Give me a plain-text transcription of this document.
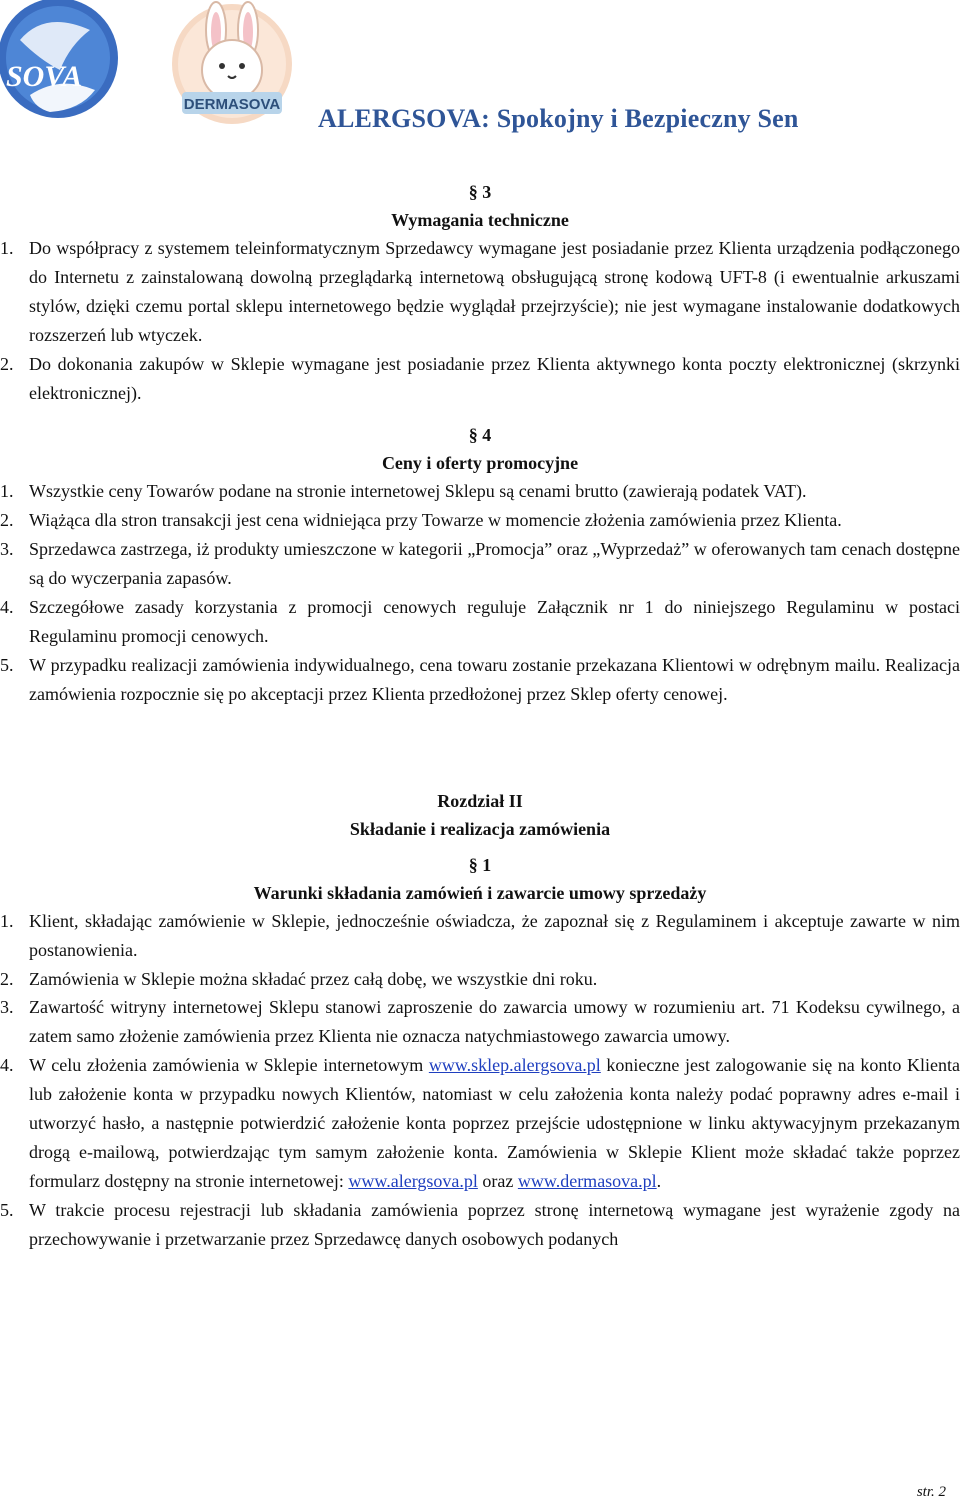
SOVA
DERMASOVA ALERGSOVA: Spokojny i Bezpieczny Sen
§ 3
Wymagania techniczne

1. Do współpracy z systemem teleinformatycznym Sprzedawcy wymagane jest posiadanie przez Klienta urządzenia podłączonego do Internetu z zainstalowaną dowolną przeglądarką internetową obsługującą stronę kodową UFT-8 (i ewentualnie arkuszami stylów, dzięki czemu portal sklepu internetowego będzie wyglądał przejrzyście); nie jest wymagane instalowanie dodatkowych rozszerzeń lub wtyczek.

2. Do dokonania zakupów w Sklepie wymagane jest posiadanie przez Klienta aktywnego konta poczty elektronicznej (skrzynki elektronicznej).

§ 4
Ceny i oferty promocyjne

1. Wszystkie ceny Towarów podane na stronie internetowej Sklepu są cenami brutto (zawierają podatek VAT).

2. Wiążąca dla stron transakcji jest cena widniejąca przy Towarze w momencie złożenia zamówienia przez Klienta.

3. Sprzedawca zastrzega, iż produkty umieszczone w kategorii „Promocja” oraz „Wyprzedaż” w oferowanych tam cenach dostępne są do wyczerpania zapasów.

4. Szczegółowe zasady korzystania z promocji cenowych reguluje Załącznik nr 1 do niniejszego Regulaminu w postaci Regulaminu promocji cenowych.

5. W przypadku realizacji zamówienia indywidualnego, cena towaru zostanie przekazana Klientowi w odrębnym mailu. Realizacja zamówienia rozpocznie się po akceptacji przez Klienta przedłożonej przez Sklep oferty cenowej.

Rozdział II
Składanie i realizacja zamówienia
§ 1
Warunki składania zamówień i zawarcie umowy sprzedaży

1. Klient, składając zamówienie w Sklepie, jednocześnie oświadcza, że zapoznał się z Regulaminem i akceptuje zawarte w nim postanowienia.

2. Zamówienia w Sklepie można składać przez całą dobę, we wszystkie dni roku.

3. Zawartość witryny internetowej Sklepu stanowi zaproszenie do zawarcia umowy w rozumieniu art. 71 Kodeksu cywilnego, a zatem samo złożenie zamówienia przez Klienta nie oznacza natychmiastowego zawarcia umowy.

4. W celu złożenia zamówienia w Sklepie internetowym www.sklep.alergsova.pl konieczne jest zalogowanie się na konto Klienta lub założenie konta w przypadku nowych Klientów, natomiast w celu założenia konta należy podać poprawny adres e-mail i utworzyć hasło, a następnie potwierdzić założenie konta poprzez przejście udostępnione w linku aktywacyjnym przekazanym drogą e-mailową, potwierdzając tym samym założenie konta. Zamówienia w Sklepie Klient może składać także poprzez formularz dostępny na stronie internetowej: www.alergsova.pl oraz www.dermasova.pl.

5. W trakcie procesu rejestracji lub składania zamówienia poprzez stronę internetową wymagane jest wyrażenie zgody na przechowywanie i przetwarzanie przez Sprzedawcę danych osobowych podanych

str. 2
